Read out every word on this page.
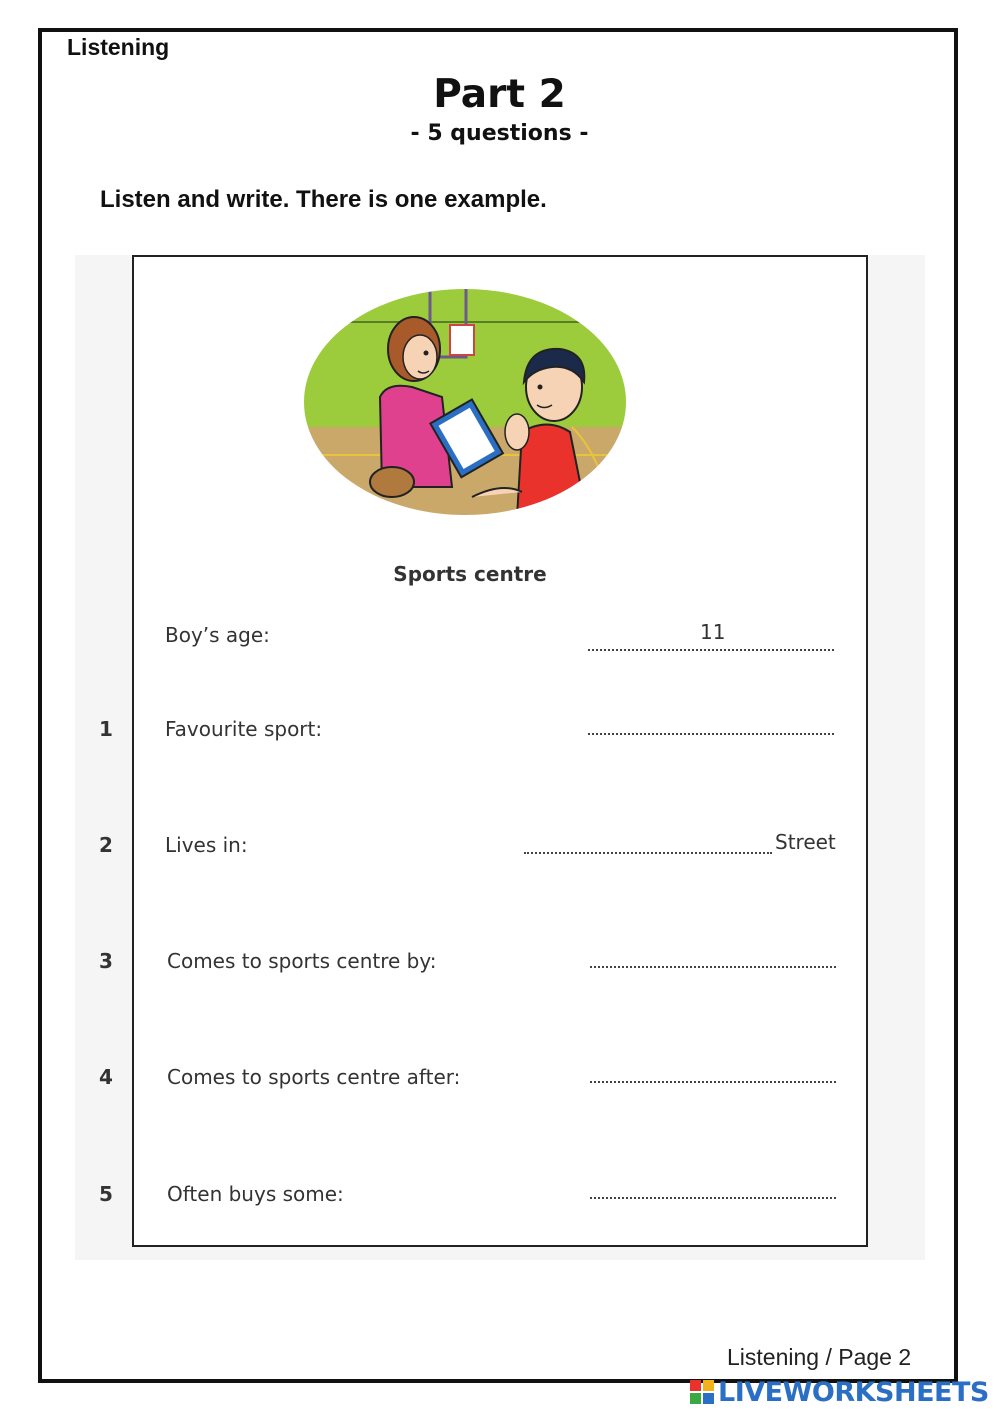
Listening
Part 2
- 5 questions -
Listen and write. There is one example.
Sports centre
Boy’s age:	11
1	Favourite sport:
2	Lives in:	Street
3	Comes to sports centre by:
4	Comes to sports centre after:
5	Often buys some:
Listening / Page 2
LIVEWORKSHEETS
